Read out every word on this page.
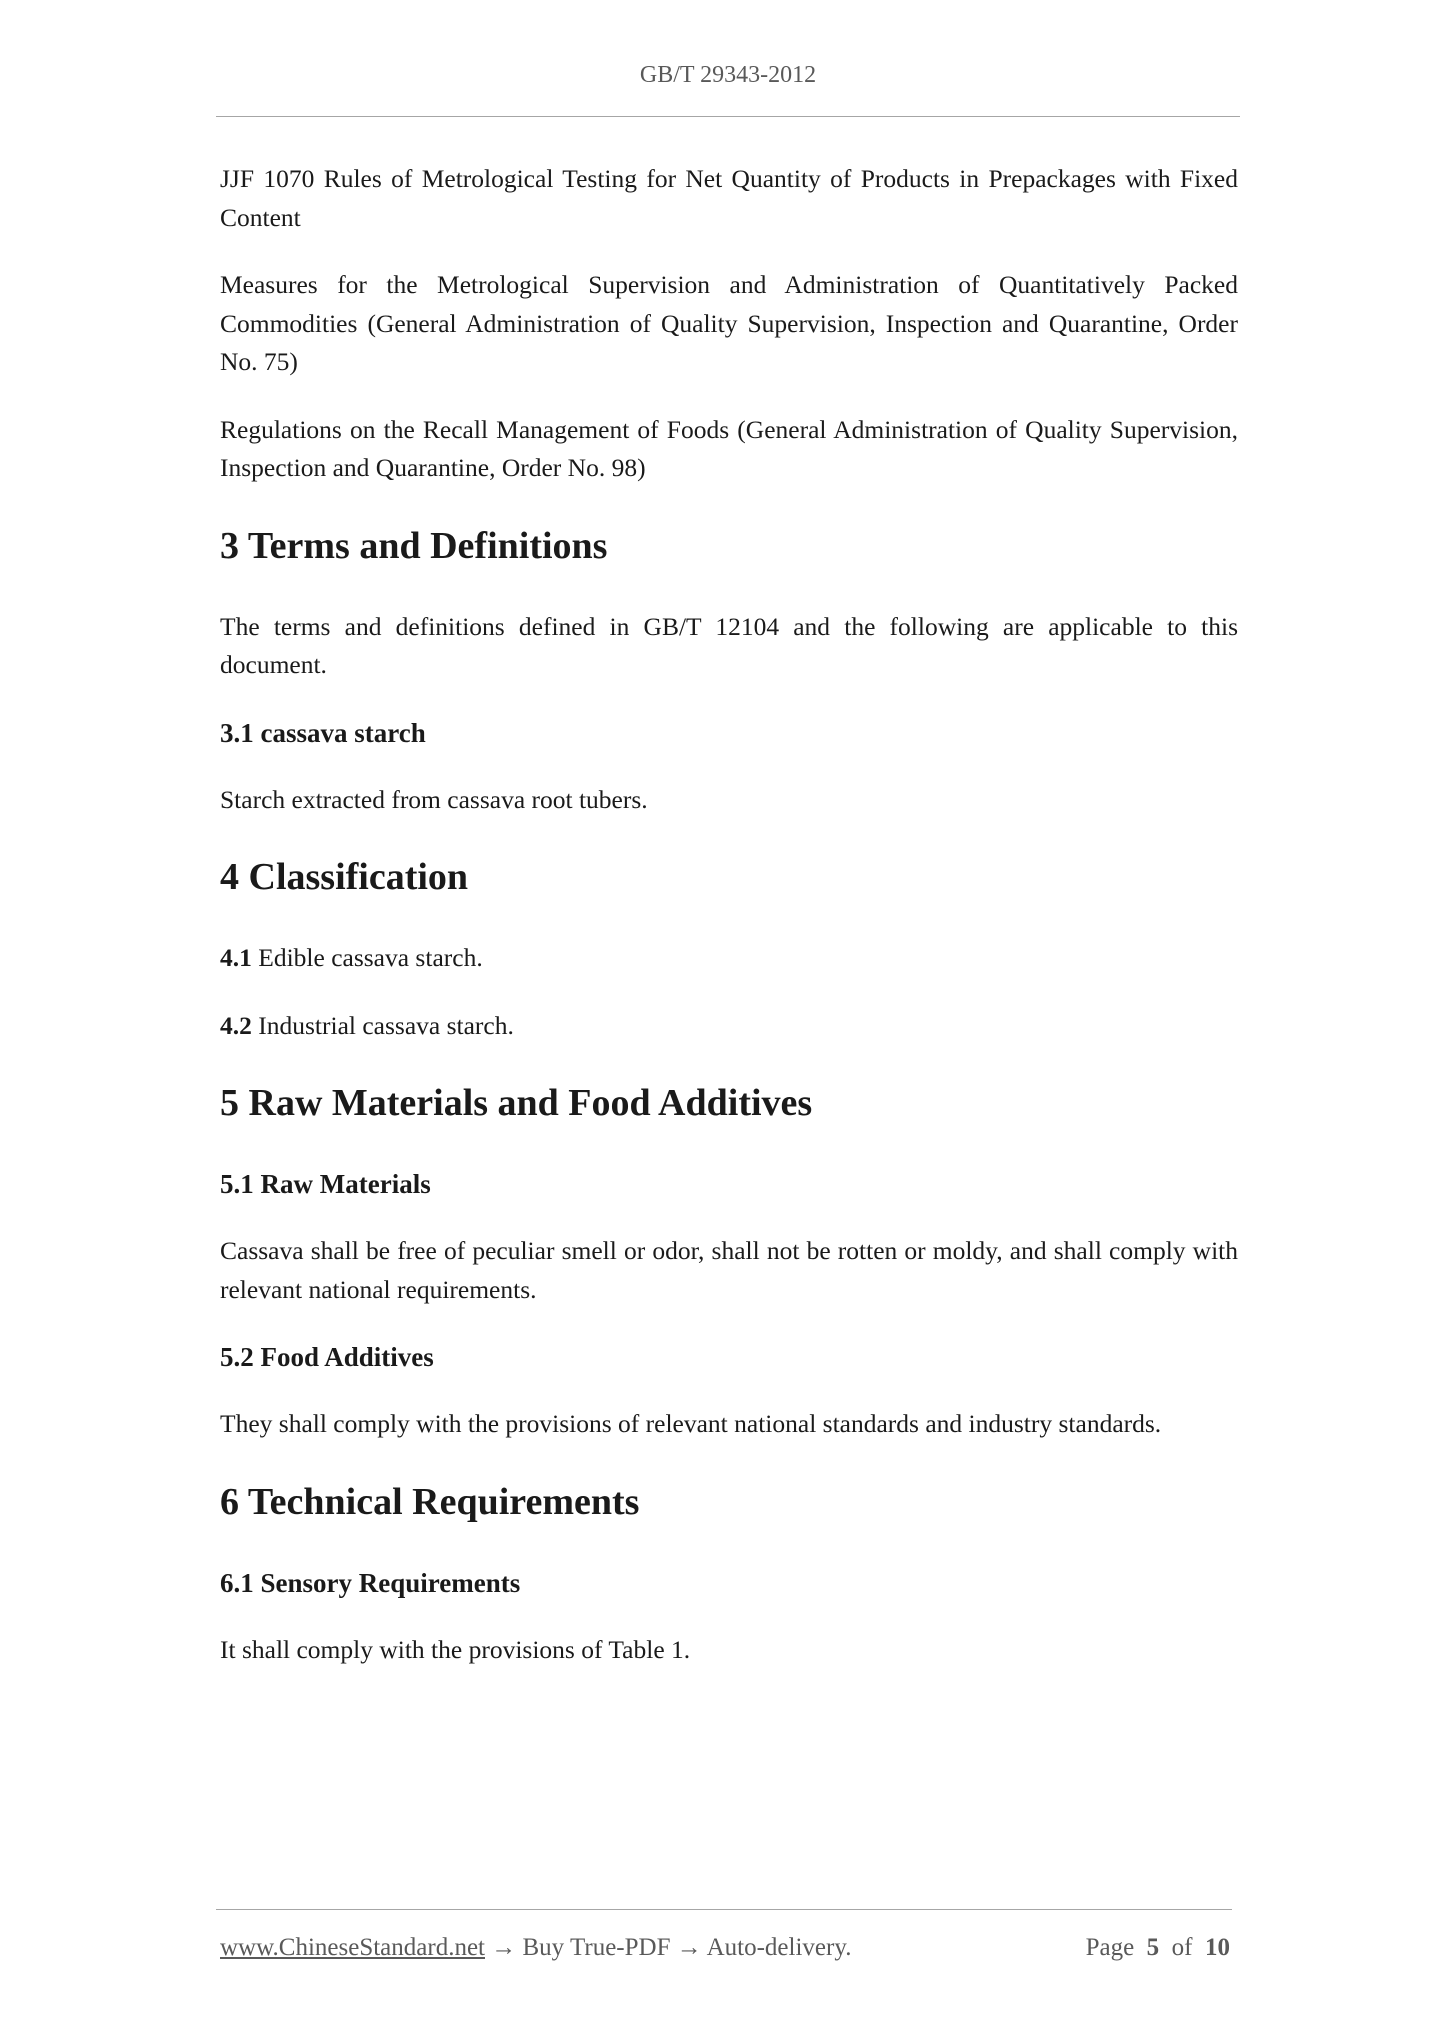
GB/T 29343-2012

JJF 1070 Rules of Metrological Testing for Net Quantity of Products in Prepackages with Fixed Content

Measures for the Metrological Supervision and Administration of Quantitatively Packed Commodities (General Administration of Quality Supervision, Inspection and Quarantine, Order No. 75)

Regulations on the Recall Management of Foods (General Administration of Quality Supervision, Inspection and Quarantine, Order No. 98)

3 Terms and Definitions

The terms and definitions defined in GB/T 12104 and the following are applicable to this document.

3.1 cassava starch

Starch extracted from cassava root tubers.

4 Classification

4.1 Edible cassava starch.

4.2 Industrial cassava starch.

5 Raw Materials and Food Additives
5.1 Raw Materials

Cassava shall be free of peculiar smell or odor, shall not be rotten or moldy, and shall comply with relevant national requirements.

5.2 Food Additives

They shall comply with the provisions of relevant national standards and industry standards.

6 Technical Requirements
6.1 Sensory Requirements

It shall comply with the provisions of Table 1.

www.ChineseStandard.net → Buy True-PDF → Auto-delivery.	Page 5 of 10
